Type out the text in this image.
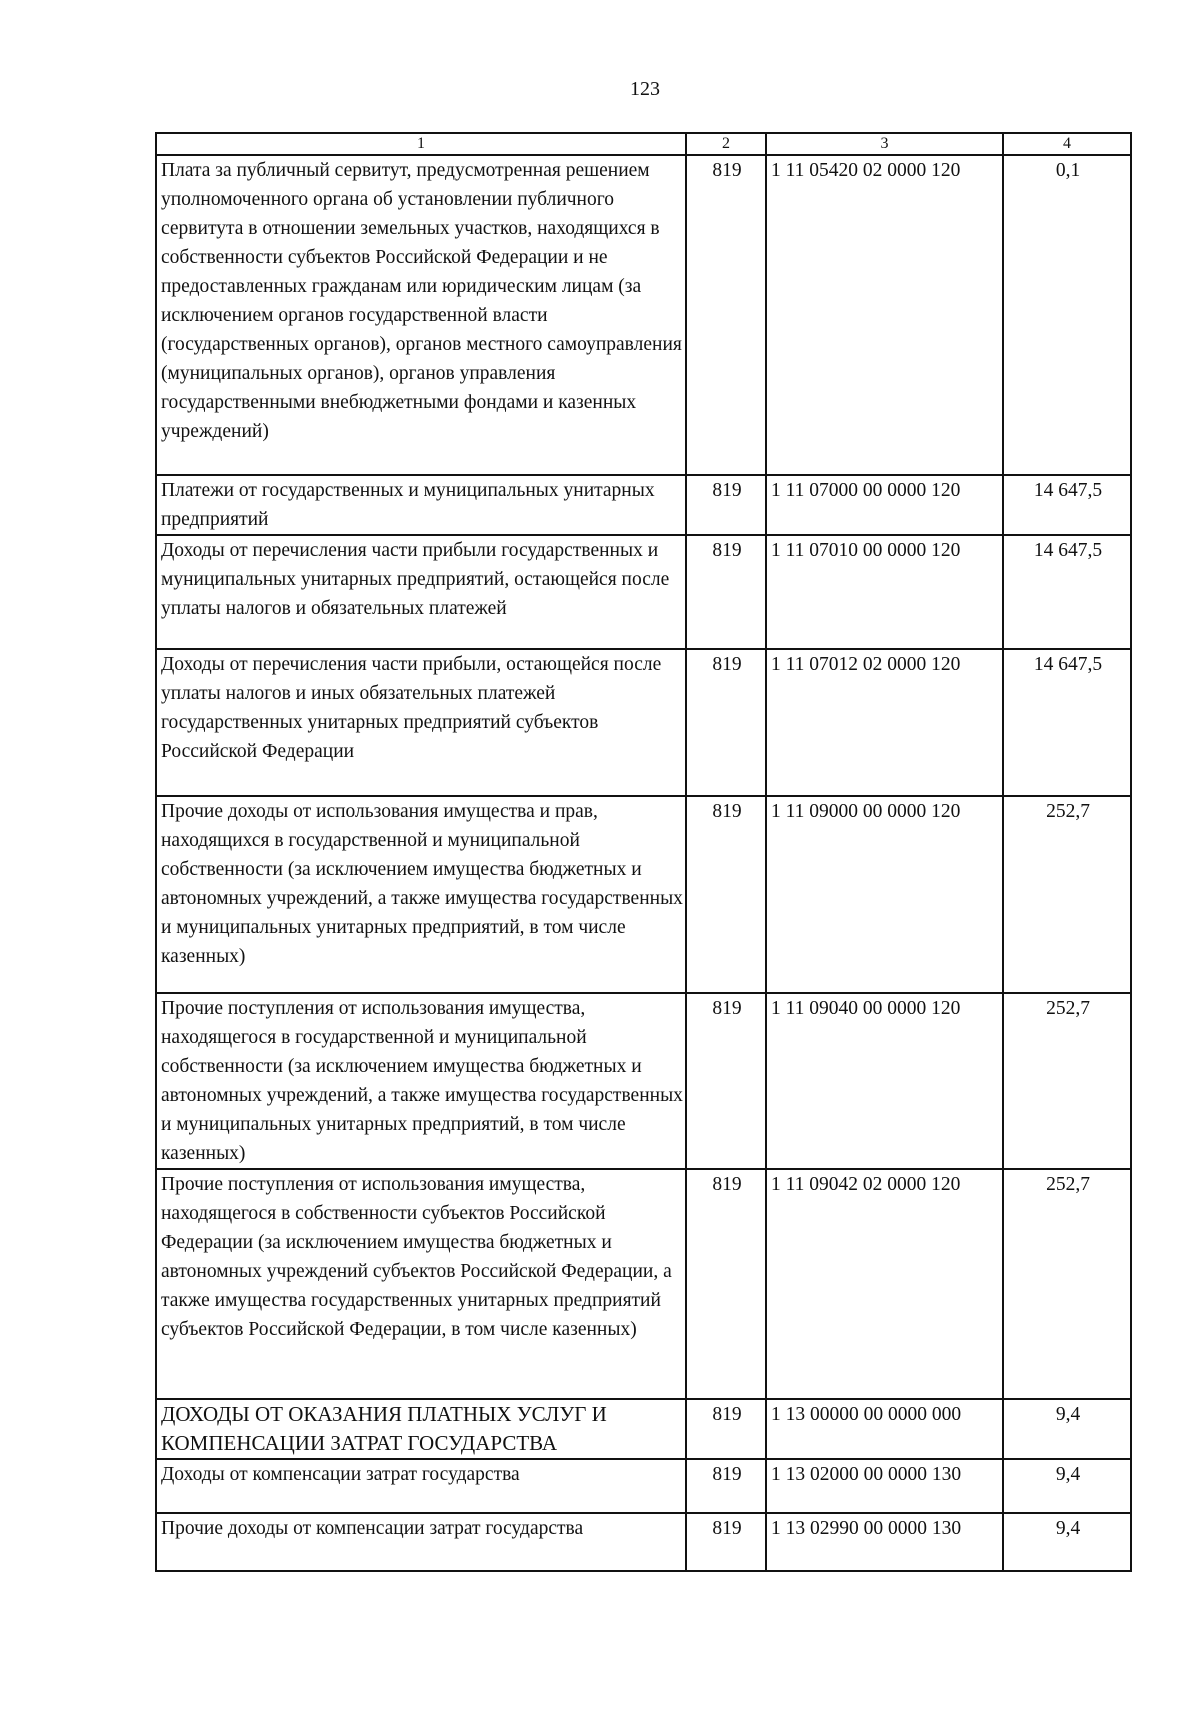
123
1	2	3	4
Плата за публичный сервитут, предусмотренная решением уполномоченного органа об установлении публичного сервитута в отношении земельных участков, находящихся в собственности субъектов Российской Федерации и не предоставленных гражданам или юридическим лицам (за исключением органов государственной власти (государственных органов), органов местного самоуправления (муниципальных органов), органов управления государственными внебюджетными фондами и казенных учреждений)	819	1 11 05420 02 0000 120	0,1
Платежи от государственных и муниципальных унитарных предприятий	819	1 11 07000 00 0000 120	14 647,5
Доходы от перечисления части прибыли государственных и муниципальных унитарных предприятий, остающейся после уплаты налогов и обязательных платежей	819	1 11 07010 00 0000 120	14 647,5
Доходы от перечисления части прибыли, остающейся после уплаты налогов и иных обязательных платежей государственных унитарных предприятий субъектов Российской Федерации	819	1 11 07012 02 0000 120	14 647,5
Прочие доходы от использования имущества и прав, находящихся в государственной и муниципальной собственности (за исключением имущества бюджетных и автономных учреждений, а также имущества государственных и муниципальных унитарных предприятий, в том числе казенных)	819	1 11 09000 00 0000 120	252,7
Прочие поступления от использования имущества, находящегося в государственной и муниципальной собственности (за исключением имущества бюджетных и автономных учреждений, а также имущества государственных и муниципальных унитарных предприятий, в том числе казенных)	819	1 11 09040 00 0000 120	252,7
Прочие поступления от использования имущества, находящегося в собственности субъектов Российской Федерации (за исключением имущества бюджетных и автономных учреждений субъектов Российской Федерации, а также имущества государственных унитарных предприятий субъектов Российской Федерации, в том числе казенных)	819	1 11 09042 02 0000 120	252,7
ДОХОДЫ ОТ ОКАЗАНИЯ ПЛАТНЫХ УСЛУГ И КОМПЕНСАЦИИ ЗАТРАТ ГОСУДАРСТВА	819	1 13 00000 00 0000 000	9,4
Доходы от компенсации затрат государства	819	1 13 02000 00 0000 130	9,4
Прочие доходы от компенсации затрат государства	819	1 13 02990 00 0000 130	9,4
